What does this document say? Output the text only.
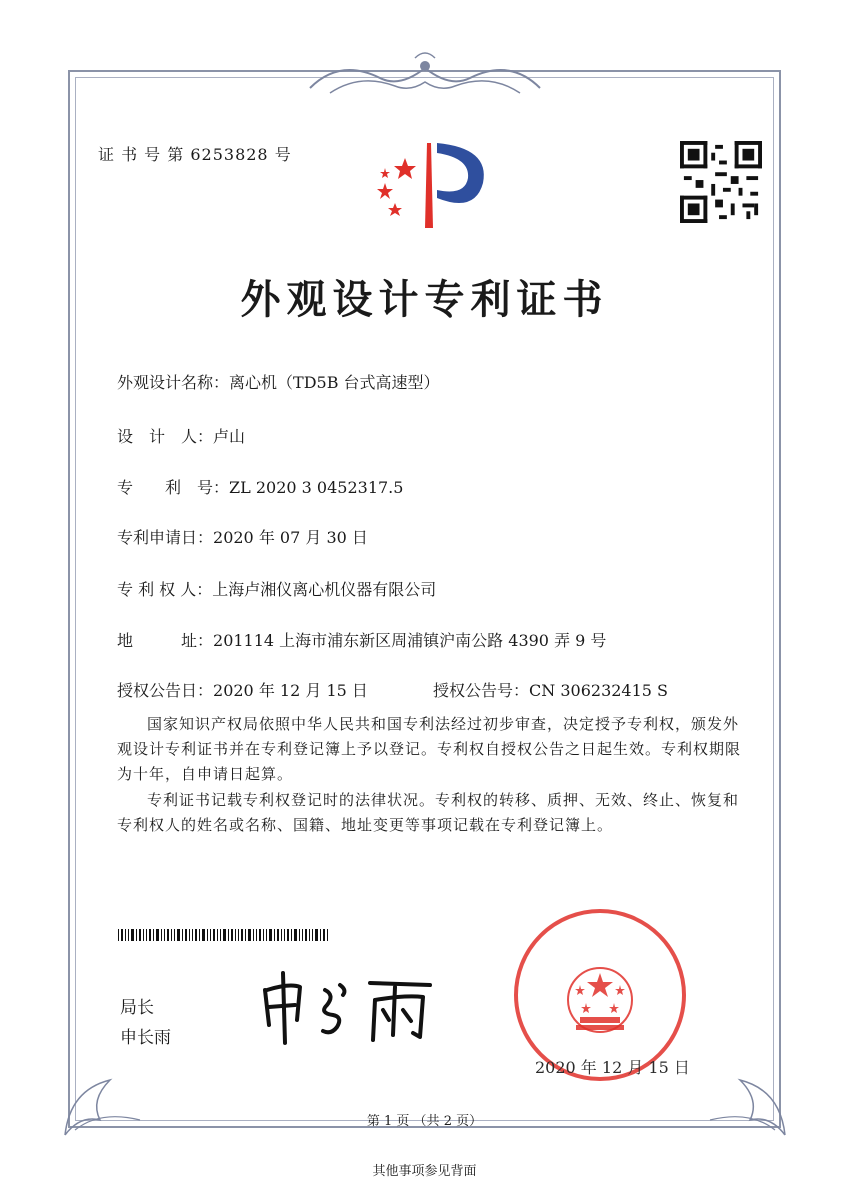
证 书 号 第 6253828 号
外观设计专利证书
外观设计名称：离心机（TD5B 台式高速型）
设　计　人：卢山
专　　利　号：ZL 2020 3 0452317.5
专利申请日：2020 年 07 月 30 日
专 利 权 人：上海卢湘仪离心机仪器有限公司
地　　　址：201114 上海市浦东新区周浦镇沪南公路 4390 弄 9 号
授权公告日：2020 年 12 月 15 日	授权公告号：CN 306232415 S
国家知识产权局依照中华人民共和国专利法经过初步审查，决定授予专利权，颁发外观设计专利证书并在专利登记簿上予以登记。专利权自授权公告之日起生效。专利权期限为十年，自申请日起算。
专利证书记载专利权登记时的法律状况。专利权的转移、质押、无效、终止、恢复和专利权人的姓名或名称、国籍、地址变更等事项记载在专利登记簿上。
局长
申长雨
2020 年 12 月 15 日
第 1 页 （共 2 页）
其他事项参见背面
